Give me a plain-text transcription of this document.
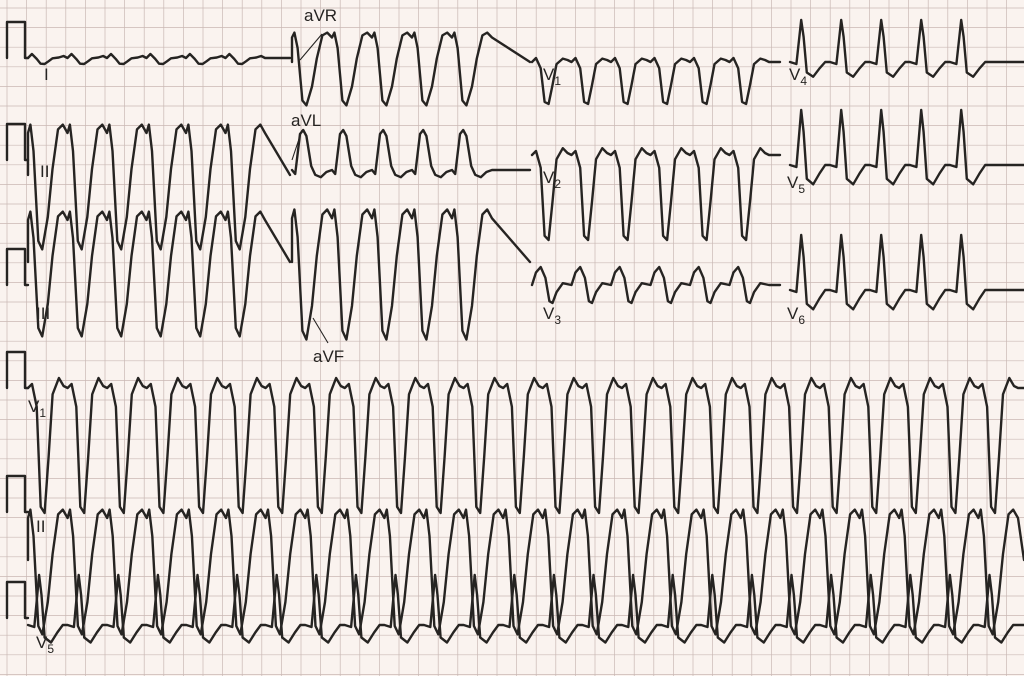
I
II
III
aVR
aVL
aVF
$V_1$
$V_2$
$V_3$
$V_4$
$V_5$
$V_6$
$V_1$
II
$V_5$
